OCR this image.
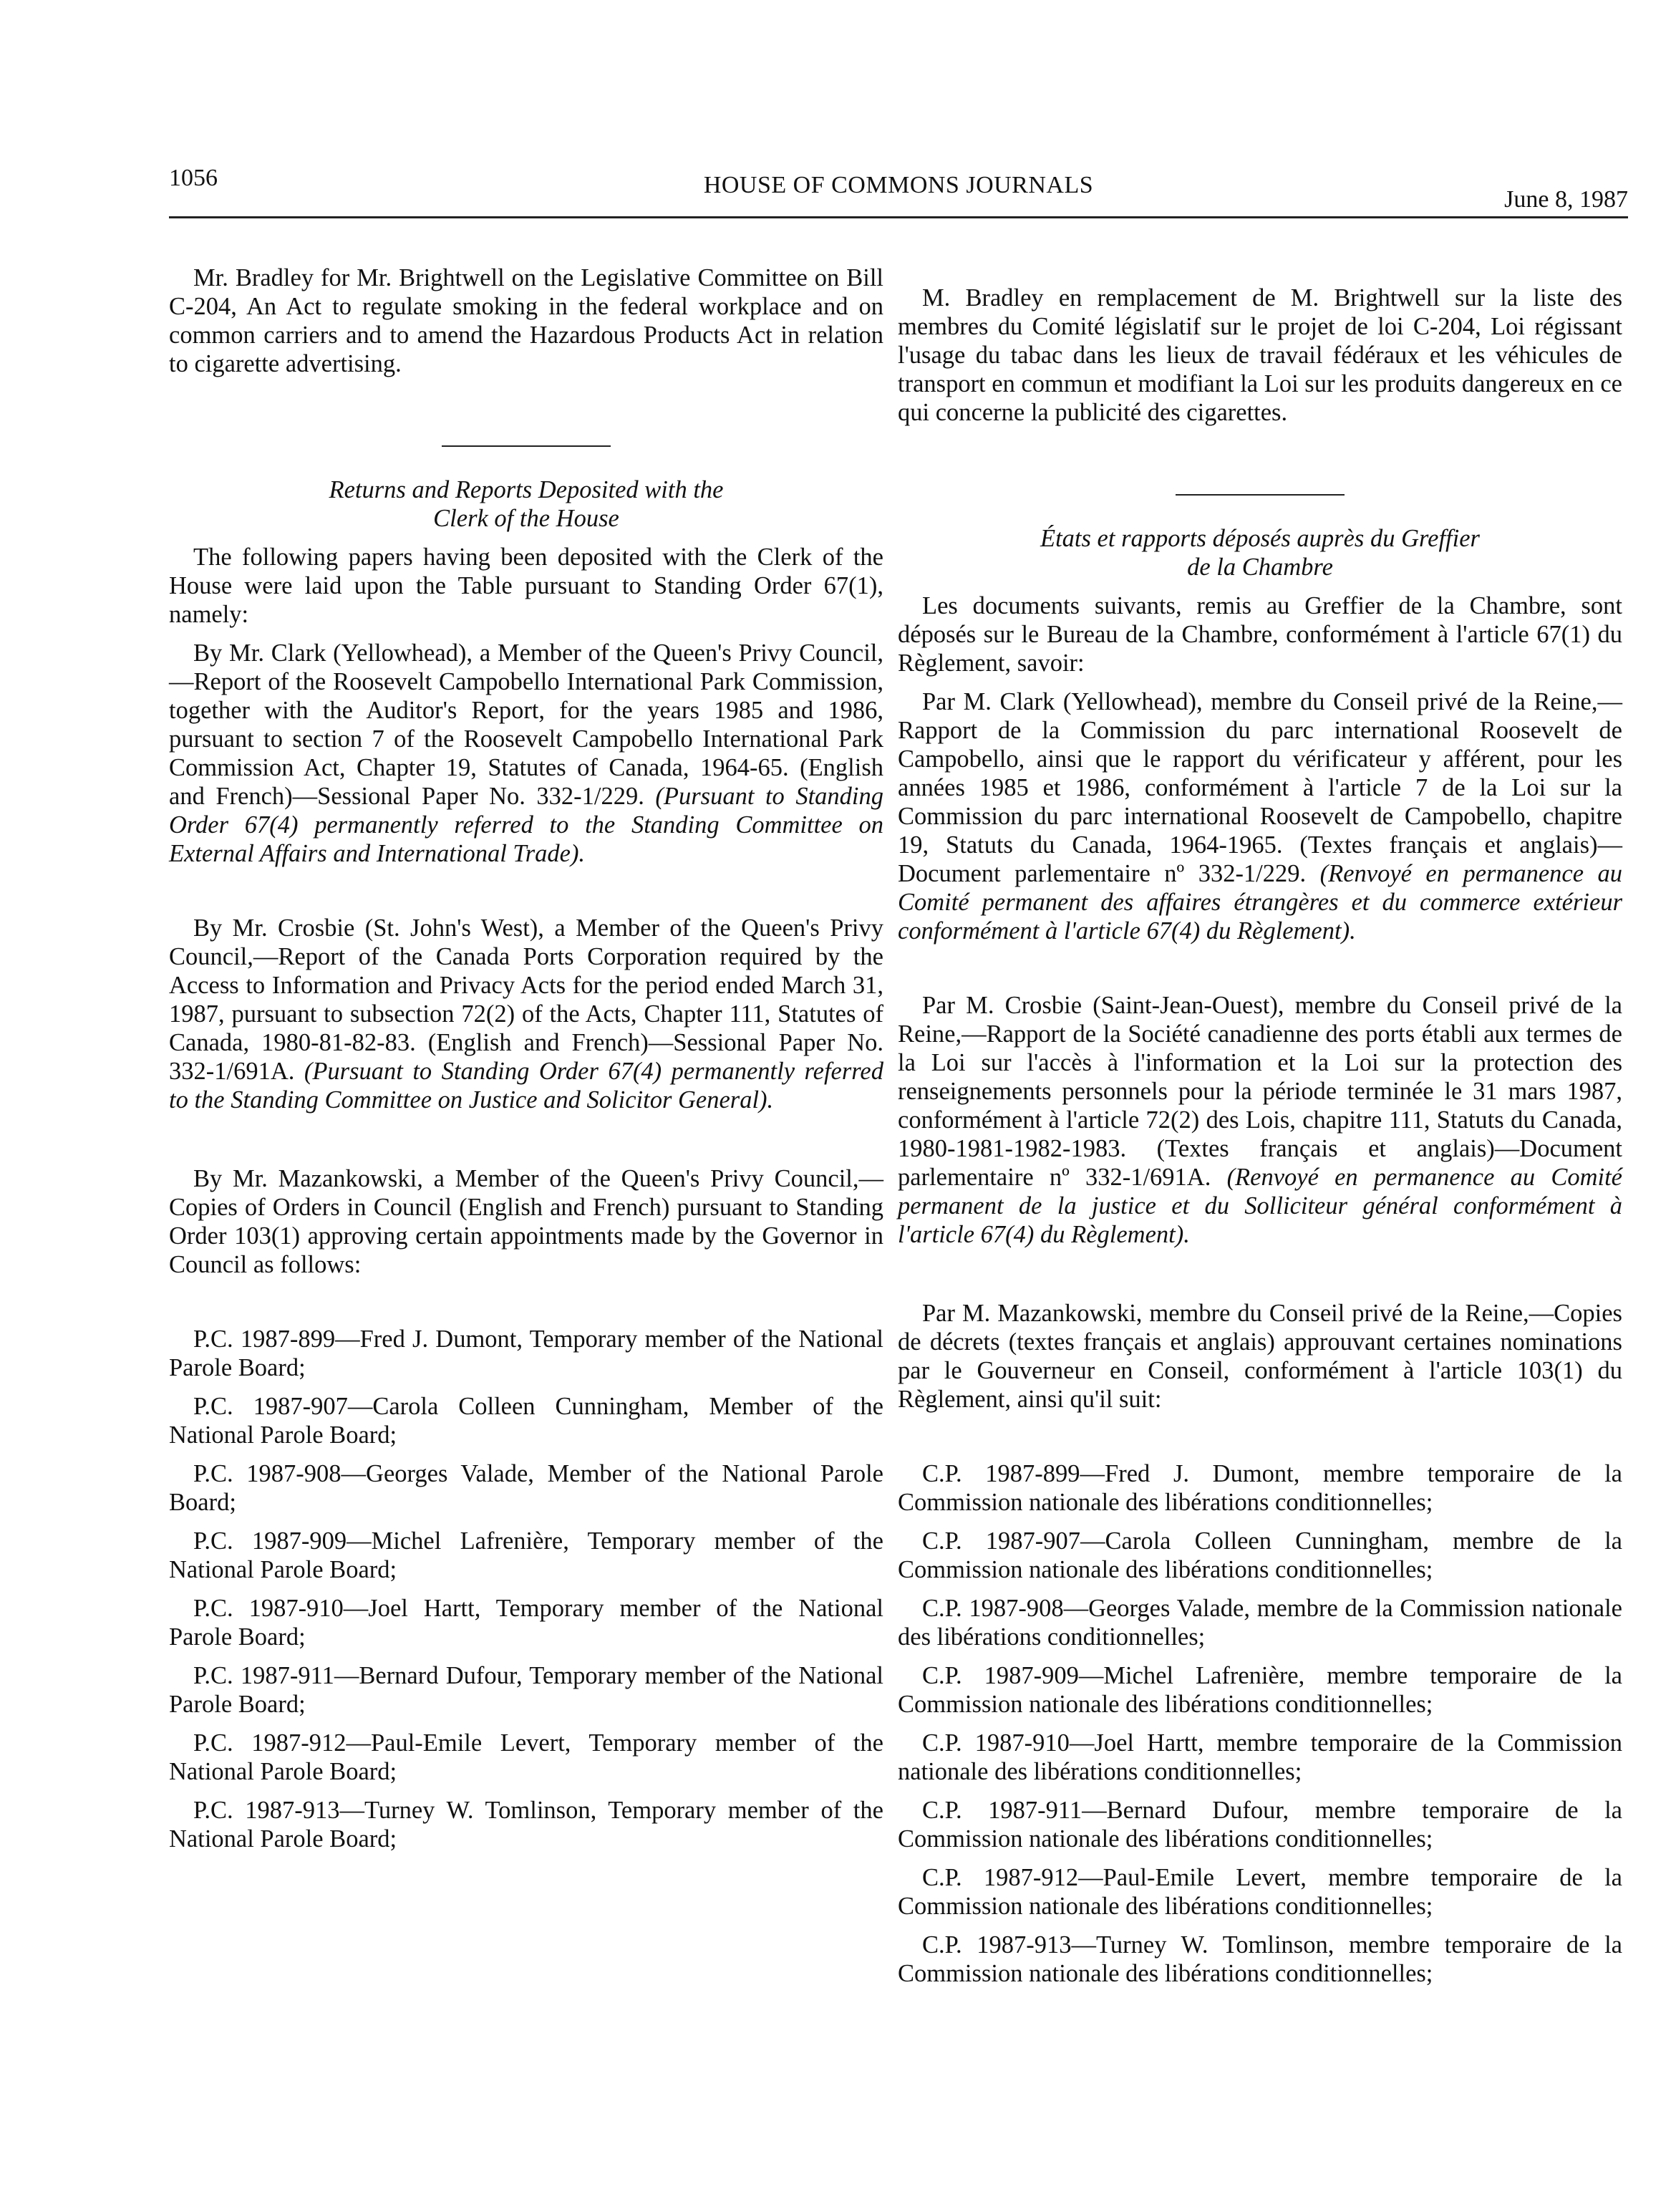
1056	HOUSE OF COMMONS JOURNALS
June 8, 1987

Mr. Bradley for Mr. Brightwell on the Legislative Committee on Bill C-204, An Act to regulate smoking in the federal workplace and on common carriers and to amend the Hazardous Products Act in relation to cigarette advertising.

Returns and Reports Deposited with the
Clerk of the House

The following papers having been deposited with the Clerk of the House were laid upon the Table pursuant to Standing Order 67(1), namely:

By Mr. Clark (Yellowhead), a Member of the Queen's Privy Council,—Report of the Roosevelt Campobello International Park Commission, together with the Auditor's Report, for the years 1985 and 1986, pursuant to section 7 of the Roosevelt Campobello International Park Commission Act, Chapter 19, Statutes of Canada, 1964-65. (English and French)—Sessional Paper No. 332-1/229. (Pursuant to Standing Order 67(4) permanently referred to the Standing Committee on External Affairs and International Trade).

By Mr. Crosbie (St. John's West), a Member of the Queen's Privy Council,—Report of the Canada Ports Corporation required by the Access to Information and Privacy Acts for the period ended March 31, 1987, pursuant to subsection 72(2) of the Acts, Chapter 111, Statutes of Canada, 1980-81-82-83. (English and French)—Sessional Paper No. 332-1/691A. (Pursuant to Standing Order 67(4) permanently referred to the Standing Committee on Justice and Solicitor General).

By Mr. Mazankowski, a Member of the Queen's Privy Council,—Copies of Orders in Council (English and French) pursuant to Standing Order 103(1) approving certain appointments made by the Governor in Council as follows:

P.C. 1987-899—Fred J. Dumont, Temporary member of the National Parole Board;

P.C. 1987-907—Carola Colleen Cunningham, Member of the National Parole Board;

P.C. 1987-908—Georges Valade, Member of the National Parole Board;

P.C. 1987-909—Michel Lafrenière, Temporary member of the National Parole Board;

P.C. 1987-910—Joel Hartt, Temporary member of the National Parole Board;

P.C. 1987-911—Bernard Dufour, Temporary member of the National Parole Board;

P.C. 1987-912—Paul-Emile Levert, Temporary member of the National Parole Board;

P.C. 1987-913—Turney W. Tomlinson, Temporary member of the National Parole Board;

M. Bradley en remplacement de M. Brightwell sur la liste des membres du Comité législatif sur le projet de loi C-204, Loi régissant l'usage du tabac dans les lieux de travail fédéraux et les véhicules de transport en commun et modifiant la Loi sur les produits dangereux en ce qui concerne la publicité des cigarettes.

États et rapports déposés auprès du Greffier
de la Chambre

Les documents suivants, remis au Greffier de la Chambre, sont déposés sur le Bureau de la Chambre, conformément à l'article 67(1) du Règlement, savoir:

Par M. Clark (Yellowhead), membre du Conseil privé de la Reine,—Rapport de la Commission du parc international Roosevelt de Campobello, ainsi que le rapport du vérificateur y afférent, pour les années 1985 et 1986, conformément à l'article 7 de la Loi sur la Commission du parc international Roosevelt de Campobello, chapitre 19, Statuts du Canada, 1964-1965. (Textes français et anglais)—Document parlementaire nº 332-1/229. (Renvoyé en permanence au Comité permanent des affaires étrangères et du commerce extérieur conformément à l'article 67(4) du Règlement).

Par M. Crosbie (Saint-Jean-Ouest), membre du Conseil privé de la Reine,—Rapport de la Société canadienne des ports établi aux termes de la Loi sur l'accès à l'information et la Loi sur la protection des renseignements personnels pour la période terminée le 31 mars 1987, conformément à l'article 72(2) des Lois, chapitre 111, Statuts du Canada, 1980-1981-1982-1983. (Textes français et anglais)—Document parlementaire nº 332-1/691A. (Renvoyé en permanence au Comité permanent de la justice et du Solliciteur général conformément à l'article 67(4) du Règlement).

Par M. Mazankowski, membre du Conseil privé de la Reine,—Copies de décrets (textes français et anglais) approuvant certaines nominations par le Gouverneur en Conseil, conformément à l'article 103(1) du Règlement, ainsi qu'il suit:

C.P. 1987-899—Fred J. Dumont, membre temporaire de la Commission nationale des libérations conditionnelles;

C.P. 1987-907—Carola Colleen Cunningham, membre de la Commission nationale des libérations conditionnelles;

C.P. 1987-908—Georges Valade, membre de la Commission nationale des libérations conditionnelles;

C.P. 1987-909—Michel Lafrenière, membre temporaire de la Commission nationale des libérations conditionnelles;

C.P. 1987-910—Joel Hartt, membre temporaire de la Commission nationale des libérations conditionnelles;

C.P. 1987-911—Bernard Dufour, membre temporaire de la Commission nationale des libérations conditionnelles;

C.P. 1987-912—Paul-Emile Levert, membre temporaire de la Commission nationale des libérations conditionnelles;

C.P. 1987-913—Turney W. Tomlinson, membre temporaire de la Commission nationale des libérations conditionnelles;
